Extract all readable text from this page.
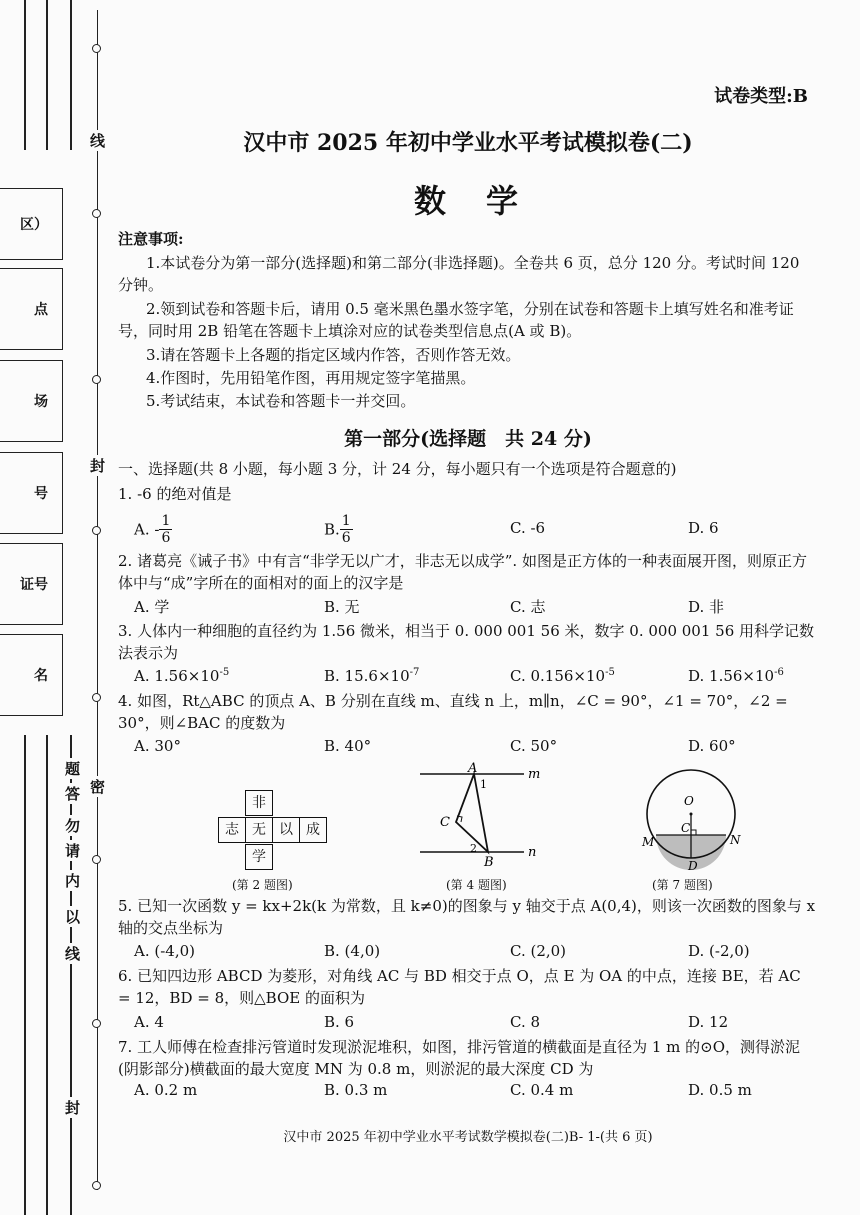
线
封
密
题
答
勿
请
内
以
线
封
区）
点
场
号
证号
名
试卷类型:B
汉中市 2025 年初中学业水平考试模拟卷(二)
数　学
注意事项:
1.本试卷分为第一部分(选择题)和第二部分(非选择题)。全卷共 6 页，总分 120 分。考试时间 120 分钟。
2.领到试卷和答题卡后，请用 0.5 毫米黑色墨水签字笔，分别在试卷和答题卡上填写姓名和准考证号，同时用 2B 铅笔在答题卡上填涂对应的试卷类型信息点(A 或 B)。
3.请在答题卡上各题的指定区域内作答，否则作答无效。
4.作图时，先用铅笔作图，再用规定签字笔描黑。
5.考试结束，本试卷和答题卡一并交回。
第一部分(选择题　共 24 分)
一、选择题(共 8 小题，每小题 3 分，计 24 分，每小题只有一个选项是符合题意的)
1. -6 的绝对值是
A. - $\frac{1}{6}$	B. $\frac{1}{6}$	C. -6	D. 6
2. 诸葛亮《诫子书》中有言“非学无以广才，非志无以成学”. 如图是正方体的一种表面展开图，则原正方体中与“成”字所在的面相对的面上的汉字是
A. 学	B. 无	C. 志	D. 非
3. 人体内一种细胞的直径约为 1.56 微米，相当于 0. 000 001 56 米，数字 0. 000 001 56 用科学记数法表示为
A. $1.56\times 10^{-5}$	B. $15.6\times 10^{-7}$	C. $0.156\times 10^{-5}$	D. $1.56\times 10^{-6}$
4. 如图，Rt△ABC 的顶点 A、B 分别在直线 m、直线 n 上，m∥n，∠C = 90°，∠1 = 70°，∠2 = 30°，则∠BAC 的度数为
A. 30°	B. 40°	C. 50°	D. 60°
非
志 无 以 成
学
(第 2 题图)
A	m
1
C
2
B
n
(第 4 题图)
O
C
M	N
D
(第 7 题图)
5. 已知一次函数 y = kx+2k(k 为常数，且 k≠0)的图象与 y 轴交于点 A(0,4)，则该一次函数的图象与 x 轴的交点坐标为
A. (-4,0)	B. (4,0)	C. (2,0)	D. (-2,0)
6. 已知四边形 ABCD 为菱形，对角线 AC 与 BD 相交于点 O，点 E 为 OA 的中点，连接 BE，若 AC = 12，BD = 8，则△BOE 的面积为
A. 4	B. 6	C. 8	D. 12
7. 工人师傅在检查排污管道时发现淤泥堆积，如图，排污管道的横截面是直径为 1 m 的⊙O，测得淤泥(阴影部分)横截面的最大宽度 MN 为 0.8 m，则淤泥的最大深度 CD 为
A. 0.2 m	B. 0.3 m	C. 0.4 m	D. 0.5 m
汉中市 2025 年初中学业水平考试数学模拟卷(二)B- 1-(共 6 页)
